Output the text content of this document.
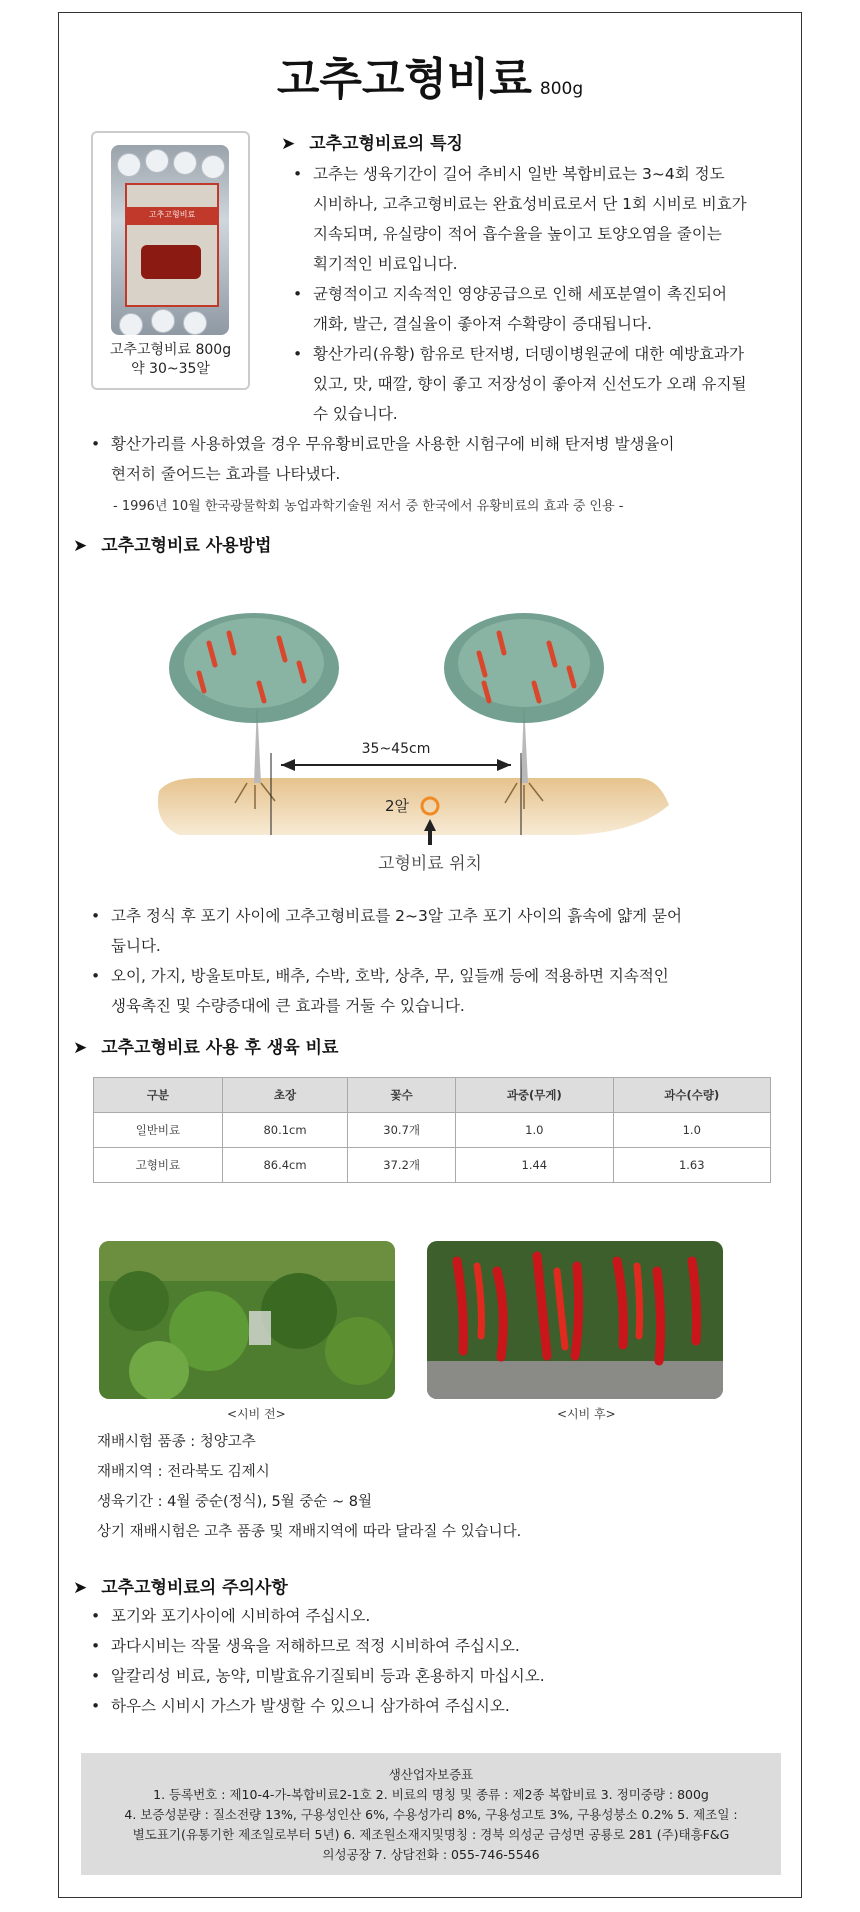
고추고형비료 800g
고추고형비료
고추고형비료 800g
약 30~35알
➤ 고추고형비료의 특징
• 고추는 생육기간이 길어 추비시 일반 복합비료는 3~4회 정도
시비하나, 고추고형비료는 완효성비료로서 단 1회 시비로 비효가
지속되며, 유실량이 적어 흡수율을 높이고 토양오염을 줄이는
획기적인 비료입니다.
• 균형적이고 지속적인 영양공급으로 인해 세포분열이 촉진되어
개화, 발근, 결실율이 좋아져 수확량이 증대됩니다.
• 황산가리(유황) 함유로 탄저병, 더뎅이병원균에 대한 예방효과가
있고, 맛, 때깔, 향이 좋고 저장성이 좋아져 신선도가 오래 유지될
수 있습니다.
• 황산가리를 사용하였을 경우 무유황비료만을 사용한 시험구에 비해 탄저병 발생율이
현저히 줄어드는 효과를 나타냈다.
- 1996년 10월 한국광물학회 농업과학기술원 저서 중 한국에서 유황비료의 효과 중 인용 -
➤ 고추고형비료 사용방법
35~45cm
2알
고형비료 위치
• 고추 정식 후 포기 사이에 고추고형비료를 2~3알 고추 포기 사이의 흙속에 얇게 묻어
둡니다.
• 오이, 가지, 방울토마토, 배추, 수박, 호박, 상추, 무, 잎들깨 등에 적용하면 지속적인
생육촉진 및 수량증대에 큰 효과를 거둘 수 있습니다.
➤ 고추고형비료 사용 후 생육 비료
구분	초장	꽃수	과중(무게)	과수(수량)
일반비료	80.1cm	30.7개	1.0	1.0
고형비료	86.4cm	37.2개	1.44	1.63
<시비 전>	<시비 후>
재배시험 품종 : 청양고추
재배지역 : 전라북도 김제시
생육기간 : 4월 중순(정식), 5월 중순 ~ 8월
상기 재배시험은 고추 품종 및 재배지역에 따라 달라질 수 있습니다.
➤ 고추고형비료의 주의사항
• 포기와 포기사이에 시비하여 주십시오.
• 과다시비는 작물 생육을 저해하므로 적정 시비하여 주십시오.
• 알칼리성 비료, 농약, 미발효유기질퇴비 등과 혼용하지 마십시오.
• 하우스 시비시 가스가 발생할 수 있으니 삼가하여 주십시오.
생산업자보증표
1. 등록번호 : 제10-4-가-복합비료2-1호 2. 비료의 명칭 및 종류 : 제2종 복합비료 3. 정미중량 : 800g
4. 보증성분량 : 질소전량 13%, 구용성인산 6%, 수용성가리 8%, 구용성고토 3%, 구용성붕소 0.2% 5. 제조일 :
별도표기(유통기한 제조일로부터 5년) 6. 제조원소재지및명칭 : 경북 의성군 금성면 공룡로 281 (주)태흥F&G
의성공장 7. 상담전화 : 055-746-5546
